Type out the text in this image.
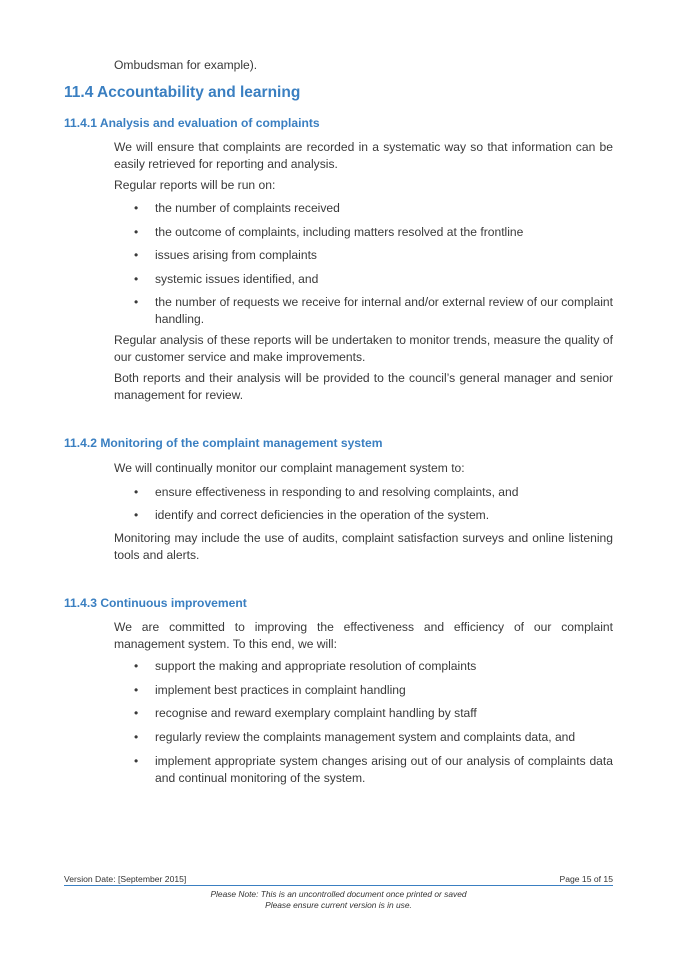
Ombudsman for example).
11.4 Accountability and learning
11.4.1 Analysis and evaluation of complaints
We will ensure that complaints are recorded in a systematic way so that information can be easily retrieved for reporting and analysis.
Regular reports will be run on:
• the number of complaints received
• the outcome of complaints, including matters resolved at the frontline
• issues arising from complaints
• systemic issues identified, and
• the number of requests we receive for internal and/or external review of our complaint handling.
Regular analysis of these reports will be undertaken to monitor trends, measure the quality of our customer service and make improvements.
Both reports and their analysis will be provided to the council’s general manager and senior management for review.
11.4.2 Monitoring of the complaint management system
We will continually monitor our complaint management system to:
• ensure effectiveness in responding to and resolving complaints, and
• identify and correct deficiencies in the operation of the system.
Monitoring may include the use of audits, complaint satisfaction surveys and online listening tools and alerts.
11.4.3 Continuous improvement
We are committed to improving the effectiveness and efficiency of our complaint management system. To this end, we will:
• support the making and appropriate resolution of complaints
• implement best practices in complaint handling
• recognise and reward exemplary complaint handling by staff
• regularly review the complaints management system and complaints data, and
• implement appropriate system changes arising out of our analysis of complaints data and continual monitoring of the system.
Version Date: [September 2015]	Page 15 of 15
Please Note: This is an uncontrolled document once printed or saved
Please ensure current version is in use.
